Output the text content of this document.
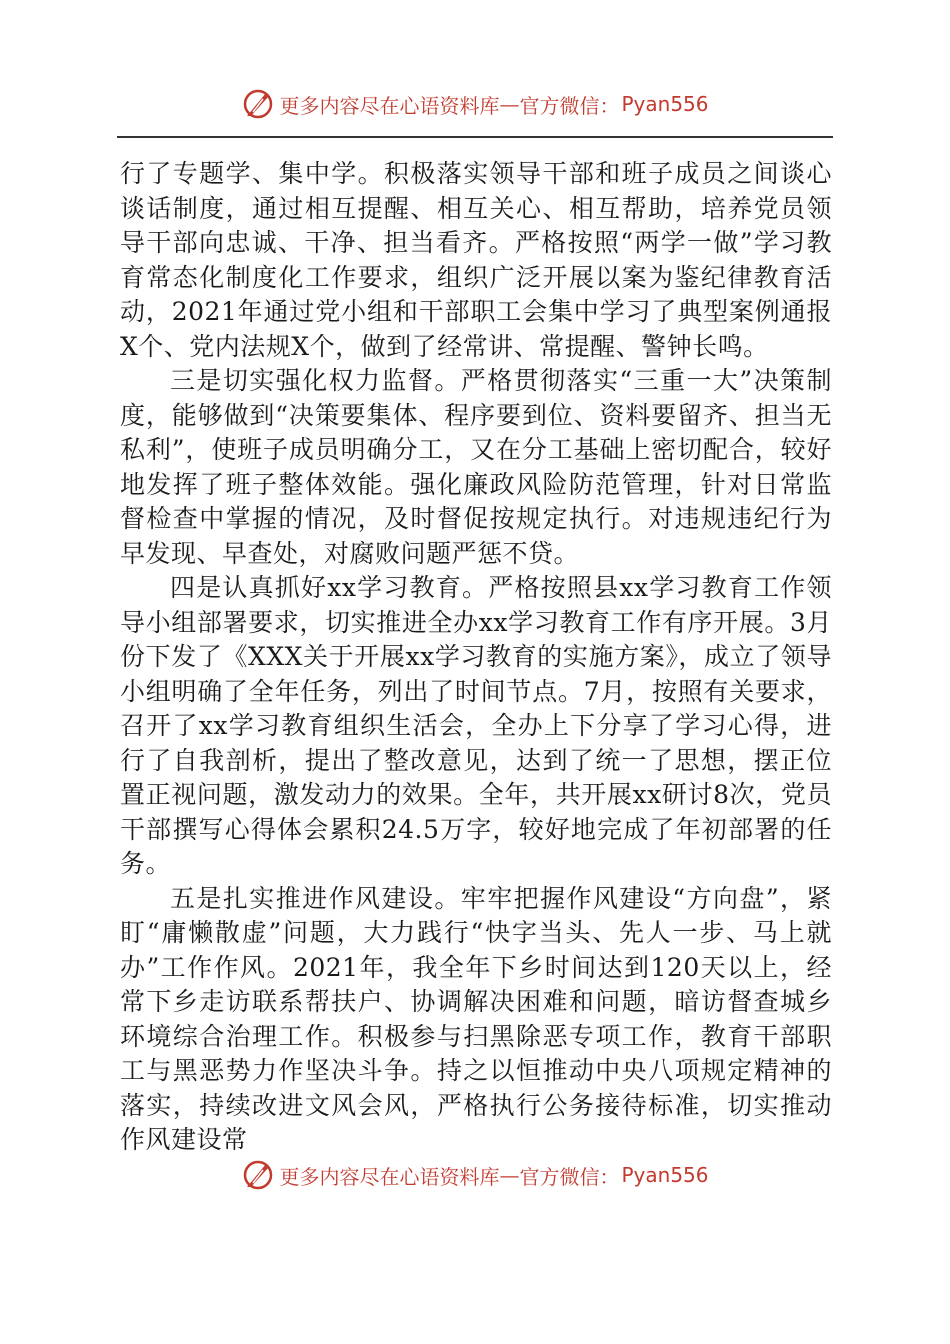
更多内容尽在心语资料库 — 官方微信： Pyan556

行了专题学、集中学。积极落实领导干部和班子成员之间谈心谈话制度，通过相互提醒、相互关心、相互帮助，培养党员领导干部向忠诚、干净、担当看齐。严格按照“两学一做”学习教育常态化制度化工作要求，组织广泛开展以案为鉴纪律教育活动，2021年通过党小组和干部职工会集中学习了典型案例通报X个、党内法规X个，做到了经常讲、常提醒、警钟长鸣。

三是切实强化权力监督。严格贯彻落实“三重一大”决策制度，能够做到“决策要集体、程序要到位、资料要留齐、担当无私利”，使班子成员明确分工，又在分工基础上密切配合，较好地发挥了班子整体效能。强化廉政风险防范管理，针对日常监督检查中掌握的情况，及时督促按规定执行。对违规违纪行为早发现、早查处，对腐败问题严惩不贷。

四是认真抓好xx学习教育。严格按照县xx学习教育工作领导小组部署要求，切实推进全办xx学习教育工作有序开展。3月份下发了《XXX关于开展xx学习教育的实施方案》，成立了领导小组明确了全年任务，列出了时间节点。7月，按照有关要求，召开了xx学习教育组织生活会，全办上下分享了学习心得，进行了自我剖析，提出了整改意见，达到了统一了思想，摆正位置正视问题，激发动力的效果。全年，共开展xx研讨8次，党员干部撰写心得体会累积24.5万字，较好地完成了年初部署的任务。

五是扎实推进作风建设。牢牢把握作风建设“方向盘”，紧盯“庸懒散虚”问题，大力践行“快字当头、先人一步、马上就办”工作作风。2021年，我全年下乡时间达到120天以上，经常下乡走访联系帮扶户、协调解决困难和问题，暗访督查城乡环境综合治理工作。积极参与扫黑除恶专项工作，教育干部职工与黑恶势力作坚决斗争。持之以恒推动中央八项规定精神的落实，持续改进文风会风，严格执行公务接待标准，切实推动作风建设常

更多内容尽在心语资料库 — 官方微信： Pyan556
